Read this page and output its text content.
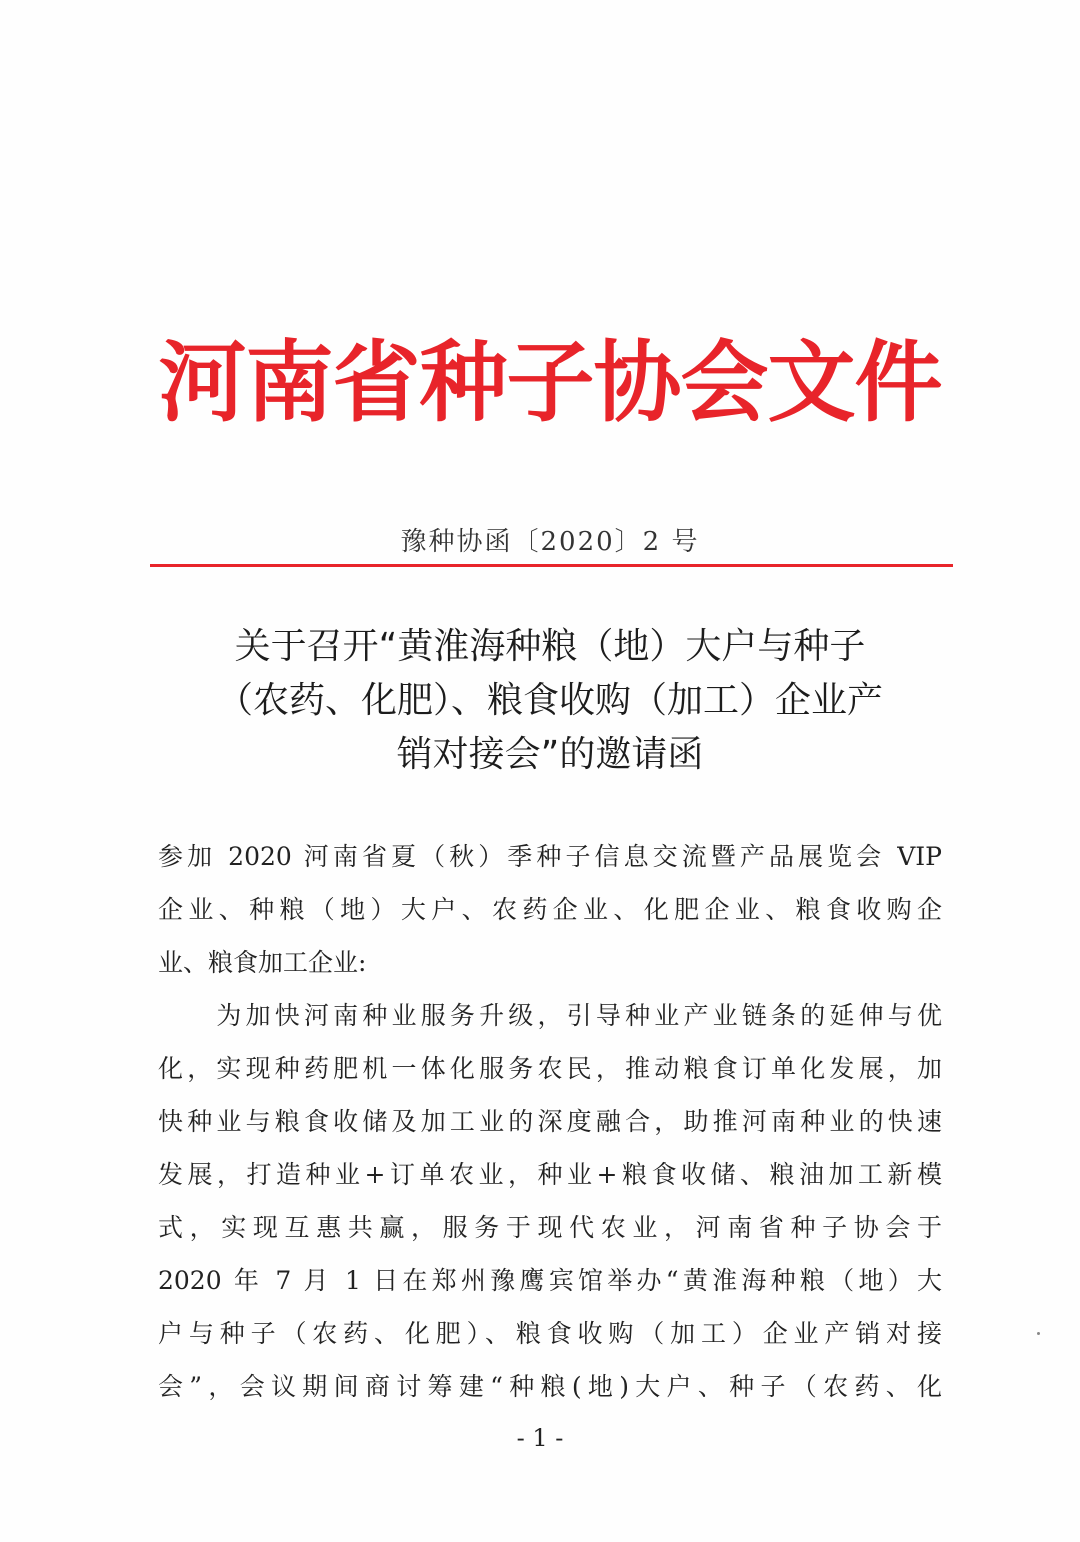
河南省种子协会文件
豫种协函〔2020〕2 号
关于召开“黄淮海种粮（地）大户与种子
（农药、化肥）、粮食收购（加工）企业产
销对接会”的邀请函
参加 2020 河南省夏（秋）季种子信息交流暨产品展览会 VIP
企业、种粮（地）大户、农药企业、化肥企业、粮食收购企
业、粮食加工企业:
　　为加快河南种业服务升级，引导种业产业链条的延伸与优
化，实现种药肥机一体化服务农民，推动粮食订单化发展，加
快种业与粮食收储及加工业的深度融合，助推河南种业的快速
发展，打造种业+订单农业，种业+粮食收储、粮油加工新模
式，实现互惠共赢，服务于现代农业，河南省种子协会于
2020 年 7 月 1 日在郑州豫鹰宾馆举办“黄淮海种粮（地）大
户与种子（农药、化肥）、粮食收购（加工）企业产销对接
会”，会议期间商讨筹建“种粮(地)大户、种子（农药、化
- 1 -
